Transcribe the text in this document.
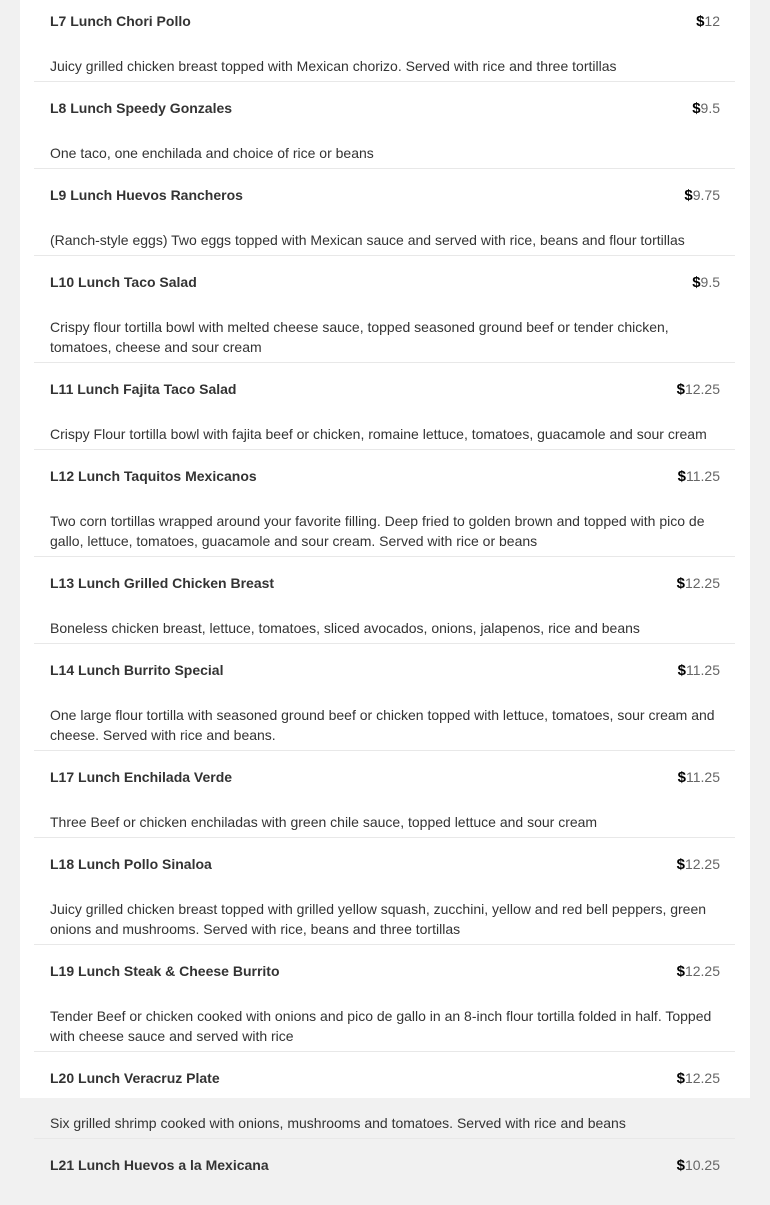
L7 Lunch Chori Pollo	$12
Juicy grilled chicken breast topped with Mexican chorizo. Served with rice and three tortillas
L8 Lunch Speedy Gonzales	$9.5
One taco, one enchilada and choice of rice or beans
L9 Lunch Huevos Rancheros	$9.75
(Ranch-style eggs) Two eggs topped with Mexican sauce and served with rice, beans and flour tortillas
L10 Lunch Taco Salad	$9.5
Crispy flour tortilla bowl with melted cheese sauce, topped seasoned ground beef or tender chicken, tomatoes, cheese and sour cream
L11 Lunch Fajita Taco Salad	$12.25
Crispy Flour tortilla bowl with fajita beef or chicken, romaine lettuce, tomatoes, guacamole and sour cream
L12 Lunch Taquitos Mexicanos	$11.25
Two corn tortillas wrapped around your favorite filling. Deep fried to golden brown and topped with pico de gallo, lettuce, tomatoes, guacamole and sour cream. Served with rice or beans
L13 Lunch Grilled Chicken Breast	$12.25
Boneless chicken breast, lettuce, tomatoes, sliced avocados, onions, jalapenos, rice and beans
L14 Lunch Burrito Special	$11.25
One large flour tortilla with seasoned ground beef or chicken topped with lettuce, tomatoes, sour cream and cheese. Served with rice and beans.
L17 Lunch Enchilada Verde	$11.25
Three Beef or chicken enchiladas with green chile sauce, topped lettuce and sour cream
L18 Lunch Pollo Sinaloa	$12.25
Juicy grilled chicken breast topped with grilled yellow squash, zucchini, yellow and red bell peppers, green onions and mushrooms. Served with rice, beans and three tortillas
L19 Lunch Steak & Cheese Burrito	$12.25
Tender Beef or chicken cooked with onions and pico de gallo in an 8-inch flour tortilla folded in half. Topped with cheese sauce and served with rice
L20 Lunch Veracruz Plate	$12.25
Six grilled shrimp cooked with onions, mushrooms and tomatoes. Served with rice and beans
L21 Lunch Huevos a la Mexicana	$10.25
